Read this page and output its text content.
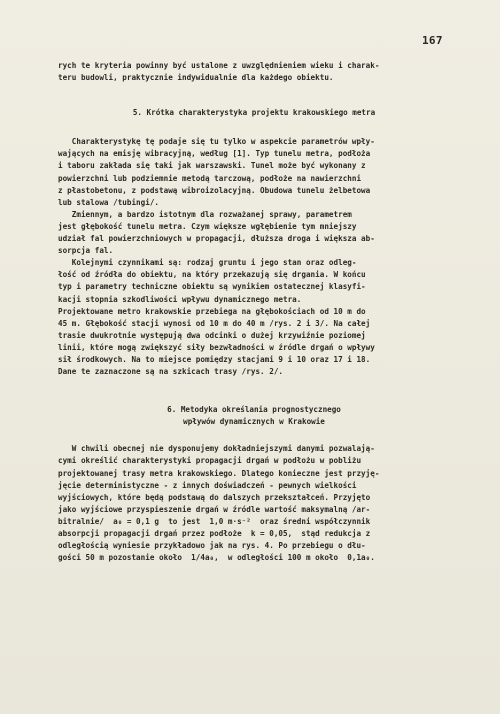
167

rych te kryteria powinny być ustalone z uwzględnieniem wieku i charak-

teru budowli, praktycznie indywidualnie dla każdego obiektu.

5. Krótka charakterystyka projektu krakowskiego metra

Charakterystykę tę podaje się tu tylko w aspekcie parametrów wpły-

wających na emisję wibracyjną, według [1]. Typ tunelu metra, podłoża

i taboru zakłada się taki jak warszawski. Tunel może być wykonany z

powierzchni lub podziemnie metodą tarczową, podłoże na nawierzchni

z płastobetonu, z podstawą wibroizolacyjną. Obudowa tunelu żelbetowa

lub stalowa /tubingi/.

Zmiennym, a bardzo istotnym dla rozważanej sprawy, parametrem

jest głębokość tunelu metra. Czym większe wgłębienie tym mniejszy

udział fal powierzchniowych w propagacji, dłuższa droga i większa ab-

sorpcja fal.

Kolejnymi czynnikami są: rodzaj gruntu i jego stan oraz odleg-

łość od źródła do obiektu, na który przekazują się drgania. W końcu

typ i parametry techniczne obiektu są wynikiem ostatecznej klasyfi-

kacji stopnia szkodliwości wpływu dynamicznego metra.

Projektowane metro krakowskie przebiega na głębokościach od 10 m do

45 m. Głębokość stacji wynosi od 10 m do 40 m /rys. 2 i 3/. Na całej

trasie dwukrotnie występują dwa odcinki o dużej krzywiźnie poziomej

linii, które mogą zwiększyć siły bezwładności w źródle drgań o wpływy

sił środkowych. Na to miejsce pomiędzy stacjami 9 i 10 oraz 17 i 18.

Dane te zaznaczone są na szkicach trasy /rys. 2/.

6. Metodyka określania prognostycznego
wpływów dynamicznych w Krakowie

W chwili obecnej nie dysponujemy dokładniejszymi danymi pozwalają-

cymi określić charakterystyki propagacji drgań w podłożu w pobliżu

projektowanej trasy metra krakowskiego. Dlatego konieczne jest przyję-

jęcie deterministyczne - z innych doświadczeń - pewnych wielkości

wyjściowych, które będą podstawą do dalszych przekształceń. Przyjęto

jako wyjściowe przyspieszenie drgań w źródle wartość maksymalną /ar-

bitralnie/  a₀ = 0,1 g  to jest  1,0 m·s⁻²  oraz średni współczynnik

absorpcji propagacji drgań przez podłoże  k = 0,05,  stąd redukcja z

odległością wyniesie przykładowo jak na rys. 4. Po przebiegu o dłu-

gości 50 m pozostanie około  1/4a₀,  w odległości 100 m około  0,1a₀.
